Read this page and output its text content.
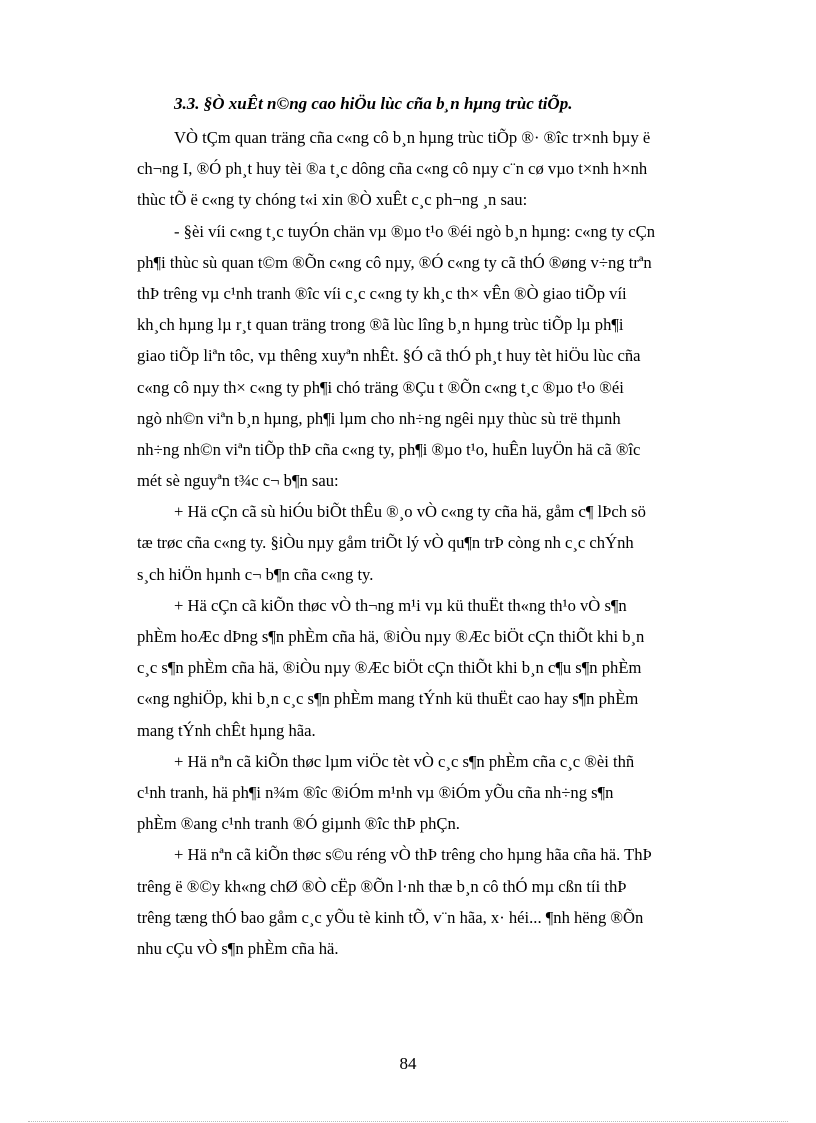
3.3. §Ò xuÊt n©ng cao hiÖu lùc cña b¸n hµng trùc tiÕp.
VÒ tÇm quan träng cña c«ng cô b¸n hµng trùc tiÕp ®· ®îc tr×nh bµy ë
ch¬ng I, ®Ó ph¸t huy tèi ®a t¸c dông cña c«ng cô nµy c¨n cø vµo t×nh h×nh
thùc tÕ ë c«ng ty chóng t«i xin ®Ò xuÊt c¸c ph¬ng ¸n sau:
- §èi víi c«ng t¸c tuyÓn chän vµ ®µo t¹o ®éi ngò b¸n hµng: c«ng ty cÇn
ph¶i thùc sù quan t©m ®Õn c«ng cô nµy, ®Ó c«ng ty cã thÓ ®øng v÷ng trªn
thÞ trêng vµ c¹nh tranh ®îc víi c¸c c«ng ty kh¸c th× vÊn ®Ò giao tiÕp víi
kh¸ch hµng lµ r¸t quan träng trong ®ã lùc lîng b¸n hµng trùc tiÕp lµ ph¶i
giao tiÕp liªn tôc, vµ thêng xuyªn nhÊt. §Ó cã thÓ ph¸t huy tèt hiÖu lùc cña
c«ng cô nµy th× c«ng ty ph¶i chó träng ®Çu t ®Õn c«ng t¸c ®µo t¹o ®éi
ngò nh©n viªn b¸n hµng, ph¶i lµm cho nh÷ng ngêi nµy thùc sù trë thµnh
nh÷ng nh©n viªn tiÕp thÞ cña c«ng ty, ph¶i ®µo t¹o, huÊn luyÖn hä cã ®îc
mét sè nguyªn t¾c c¬ b¶n sau:
+ Hä cÇn cã sù hiÓu biÕt thÊu ®¸o vÒ c«ng ty cña hä, gåm c¶ lÞch sö
tæ trøc cña c«ng ty. §iÒu nµy gåm triÕt lý vÒ qu¶n trÞ còng nh c¸c chÝnh
s¸ch hiÖn hµnh c¬ b¶n cña c«ng ty.
+ Hä cÇn cã kiÕn thøc vÒ th¬ng m¹i vµ kü thuËt th«ng th¹o vÒ s¶n
phÈm hoÆc dÞng s¶n phÈm cña hä, ®iÒu nµy ®Æc biÖt cÇn thiÕt khi b¸n
c¸c s¶n phÈm cña hä, ®iÒu nµy ®Æc biÖt cÇn thiÕt khi b¸n c¶u s¶n phÈm
c«ng nghiÖp, khi b¸n c¸c s¶n phÈm mang tÝnh kü thuËt cao hay s¶n phÈm
mang tÝnh chÊt hµng hãa.
+ Hä nªn cã kiÕn thøc lµm viÖc tèt vÒ c¸c s¶n phÈm cña c¸c ®èi thñ
c¹nh tranh, hä ph¶i n¾m ®îc ®iÓm m¹nh vµ ®iÓm yÕu cña nh÷ng s¶n
phÈm ®ang c¹nh tranh ®Ó giµnh ®îc thÞ phÇn.
+ Hä nªn cã kiÕn thøc s©u réng vÒ thÞ trêng cho hµng hãa cña hä. ThÞ
trêng ë ®©y kh«ng chØ ®Ò cËp ®Õn l·nh thæ b¸n cô thÓ mµ cßn tíi thÞ
trêng tæng thÓ bao gåm c¸c yÕu tè kinh tÕ, v¨n hãa, x· héi... ¶nh hëng ®Õn
nhu cÇu vÒ s¶n phÈm cña hä.
84
